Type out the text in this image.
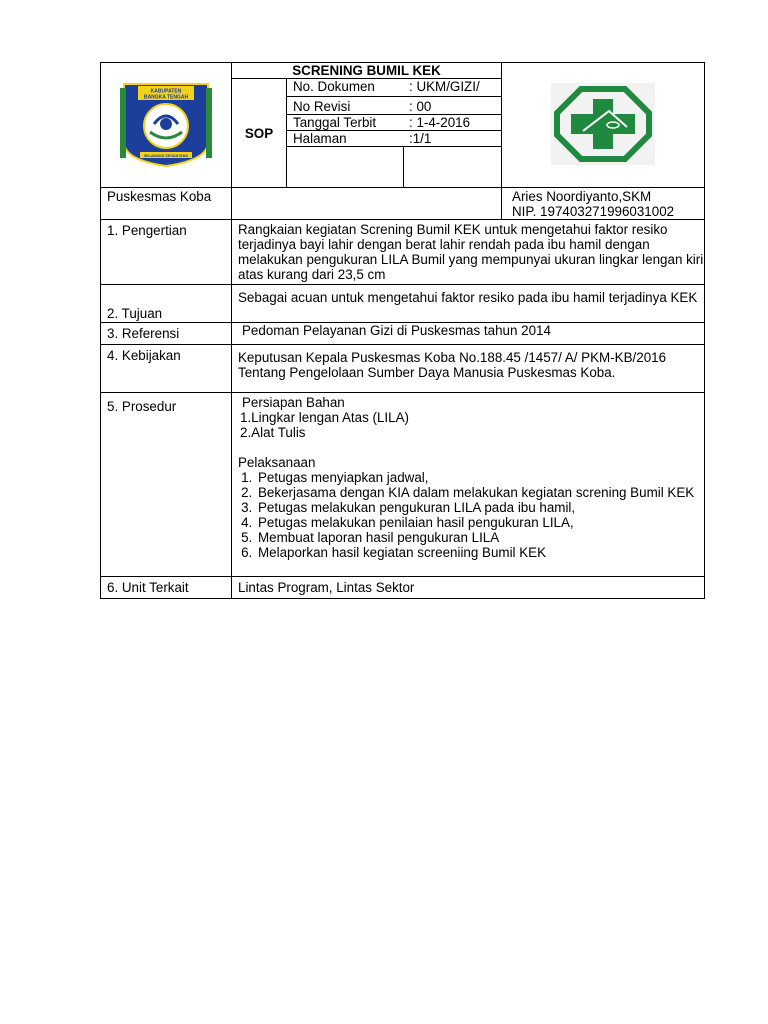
KABUPATEN
BANGKA TENGAH
SELAWANG SEGANTANG
	SCRENING BUMIL KEK	
SOP	
No. Dokumen	: UKM/GIZI/
No Revisi	: 00
Tanggal Terbit	: 1-4-2016
Halaman	:1/1

Puskesmas Koba		Aries Noordiyanto,SKM
NIP. 197403271996031002

1. Pengertian	Rangkaian kegiatan Screning Bumil KEK untuk mengetahui faktor resiko terjadinya bayi lahir dengan berat lahir rendah pada ibu hamil dengan melakukan pengukuran LILA Bumil yang mempunyai ukuran lingkar lengan kiri atas kurang dari 23,5 cm
2. Tujuan	Sebagai acuan untuk mengetahui faktor resiko pada ibu hamil terjadinya KEK
3. Referensi	Pedoman Pelayanan Gizi di Puskesmas tahun 2014
4. Kebijakan	Keputusan Kepala Puskesmas Koba No.188.45 /1457/ A/ PKM-KB/2016 Tentang Pengelolaan Sumber Daya Manusia Puskesmas Koba.
5. Prosedur	Persiapan Bahan
1.Lingkar lengan Atas (LILA)
2.Alat Tulis
Pelaksanaan
1. Petugas menyiapkan jadwal,
2. Bekerjasama dengan KIA dalam melakukan kegiatan screning Bumil KEK
3. Petugas melakukan pengukuran LILA pada ibu hamil,
4. Petugas melakukan penilaian hasil pengukuran LILA,
5. Membuat laporan hasil pengukuran LILA
6. Melaporkan hasil kegiatan screeniing Bumil KEK

6. Unit Terkait	Lintas Program, Lintas Sektor
